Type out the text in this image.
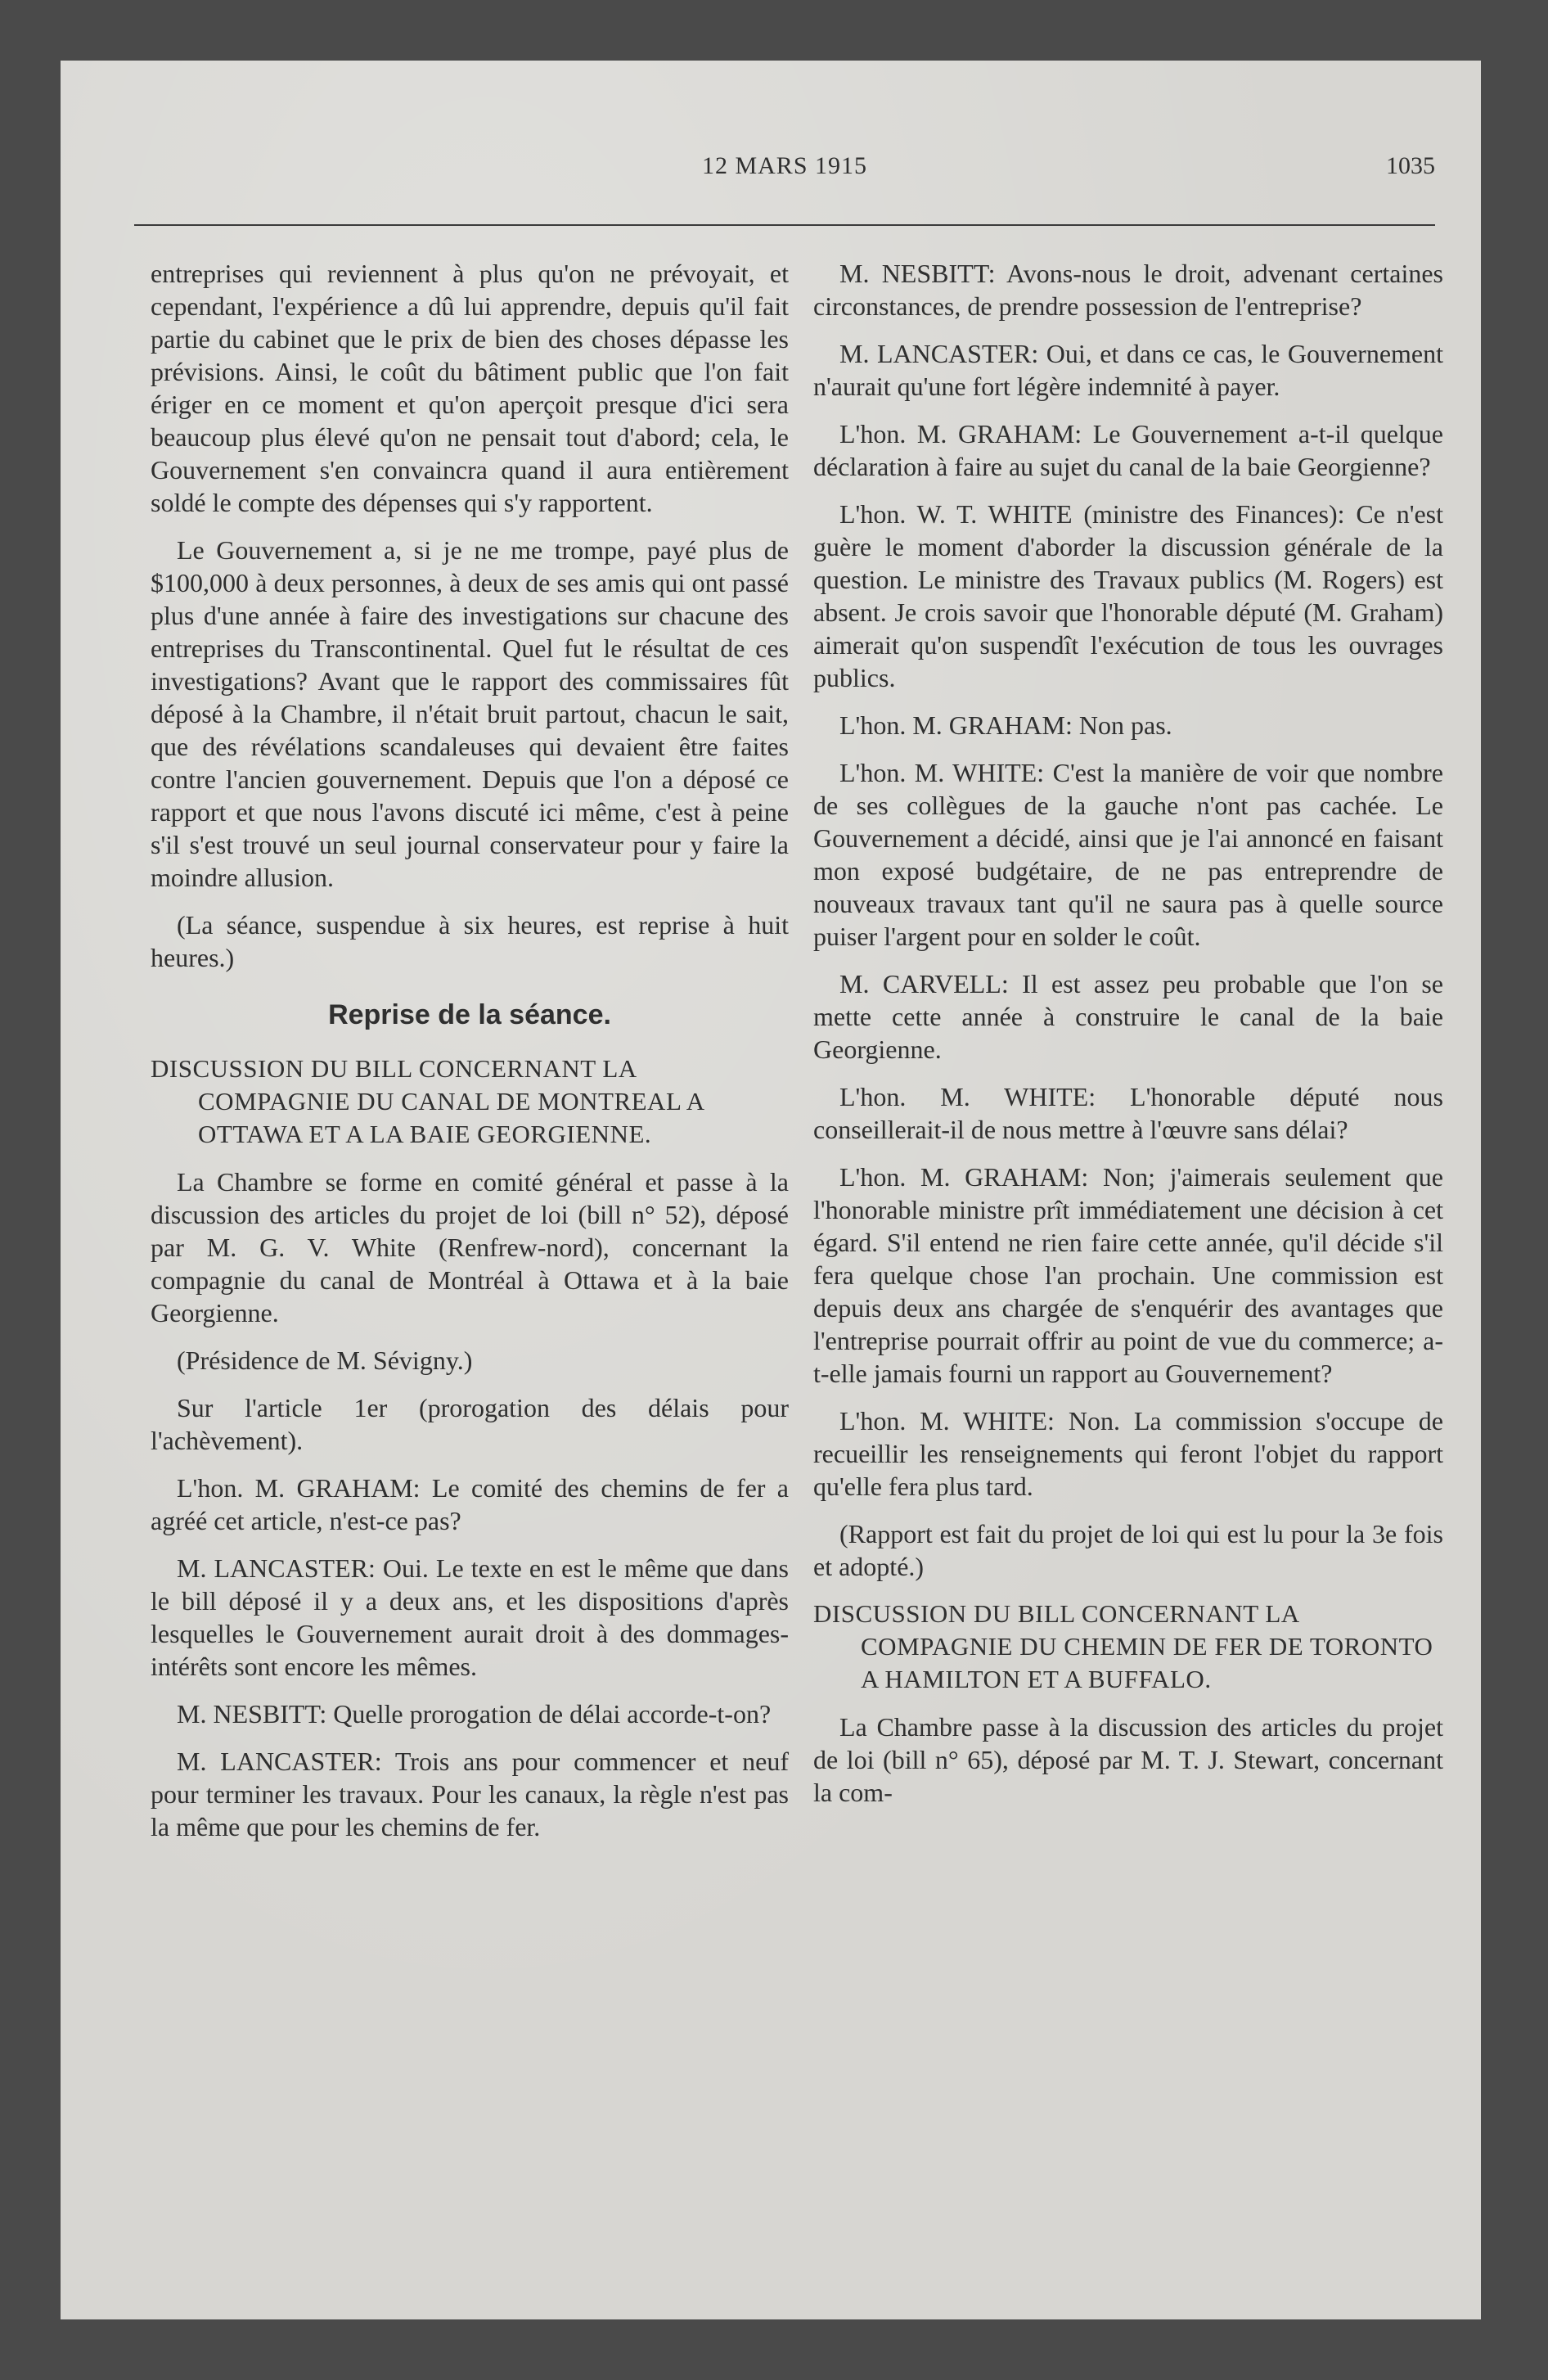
12 MARS 1915	1035

entreprises qui reviennent à plus qu'on ne prévoyait, et cependant, l'expérience a dû lui apprendre, depuis qu'il fait partie du cabinet que le prix de bien des choses dépasse les prévisions. Ainsi, le coût du bâtiment public que l'on fait ériger en ce moment et qu'on aperçoit presque d'ici sera beaucoup plus élevé qu'on ne pensait tout d'abord; cela, le Gouvernement s'en convaincra quand il aura entièrement soldé le compte des dépenses qui s'y rapportent.

Le Gouvernement a, si je ne me trompe, payé plus de $100,000 à deux personnes, à deux de ses amis qui ont passé plus d'une année à faire des investigations sur chacune des entreprises du Transcontinental. Quel fut le résultat de ces investigations? Avant que le rapport des commissaires fût déposé à la Chambre, il n'était bruit partout, chacun le sait, que des révélations scandaleuses qui devaient être faites contre l'ancien gouvernement. Depuis que l'on a déposé ce rapport et que nous l'avons discuté ici même, c'est à peine s'il s'est trouvé un seul journal conservateur pour y faire la moindre allusion.

(La séance, suspendue à six heures, est reprise à huit heures.)

Reprise de la séance.
DISCUSSION DU BILL CONCERNANT LA COMPAGNIE DU CANAL DE MONTREAL A OTTAWA ET A LA BAIE GEORGIENNE.

La Chambre se forme en comité général et passe à la discussion des articles du projet de loi (bill n° 52), déposé par M. G. V. White (Renfrew-nord), concernant la compagnie du canal de Montréal à Ottawa et à la baie Georgienne.

(Présidence de M. Sévigny.)

Sur l'article 1er (prorogation des délais pour l'achèvement).

L'hon. M. GRAHAM: Le comité des chemins de fer a agréé cet article, n'est-ce pas?

M. LANCASTER: Oui. Le texte en est le même que dans le bill déposé il y a deux ans, et les dispositions d'après lesquelles le Gouvernement aurait droit à des dommages-intérêts sont encore les mêmes.

M. NESBITT: Quelle prorogation de délai accorde-t-on?

M. LANCASTER: Trois ans pour commencer et neuf pour terminer les travaux. Pour les canaux, la règle n'est pas la même que pour les chemins de fer.

M. NESBITT: Avons-nous le droit, advenant certaines circonstances, de prendre possession de l'entreprise?

M. LANCASTER: Oui, et dans ce cas, le Gouvernement n'aurait qu'une fort légère indemnité à payer.

L'hon. M. GRAHAM: Le Gouvernement a-t-il quelque déclaration à faire au sujet du canal de la baie Georgienne?

L'hon. W. T. WHITE (ministre des Finances): Ce n'est guère le moment d'aborder la discussion générale de la question. Le ministre des Travaux publics (M. Rogers) est absent. Je crois savoir que l'honorable député (M. Graham) aimerait qu'on suspendît l'exécution de tous les ouvrages publics.

L'hon. M. GRAHAM: Non pas.

L'hon. M. WHITE: C'est la manière de voir que nombre de ses collègues de la gauche n'ont pas cachée. Le Gouvernement a décidé, ainsi que je l'ai annoncé en faisant mon exposé budgétaire, de ne pas entreprendre de nouveaux travaux tant qu'il ne saura pas à quelle source puiser l'argent pour en solder le coût.

M. CARVELL: Il est assez peu probable que l'on se mette cette année à construire le canal de la baie Georgienne.

L'hon. M. WHITE: L'honorable député nous conseillerait-il de nous mettre à l'œuvre sans délai?

L'hon. M. GRAHAM: Non; j'aimerais seulement que l'honorable ministre prît immédiatement une décision à cet égard. S'il entend ne rien faire cette année, qu'il décide s'il fera quelque chose l'an prochain. Une commission est depuis deux ans chargée de s'enquérir des avantages que l'entreprise pourrait offrir au point de vue du commerce; a-t-elle jamais fourni un rapport au Gouvernement?

L'hon. M. WHITE: Non. La commission s'occupe de recueillir les renseignements qui feront l'objet du rapport qu'elle fera plus tard.

(Rapport est fait du projet de loi qui est lu pour la 3e fois et adopté.)

DISCUSSION DU BILL CONCERNANT LA COMPAGNIE DU CHEMIN DE FER DE TORONTO A HAMILTON ET A BUFFALO.

La Chambre passe à la discussion des articles du projet de loi (bill n° 65), déposé par M. T. J. Stewart, concernant la com-
